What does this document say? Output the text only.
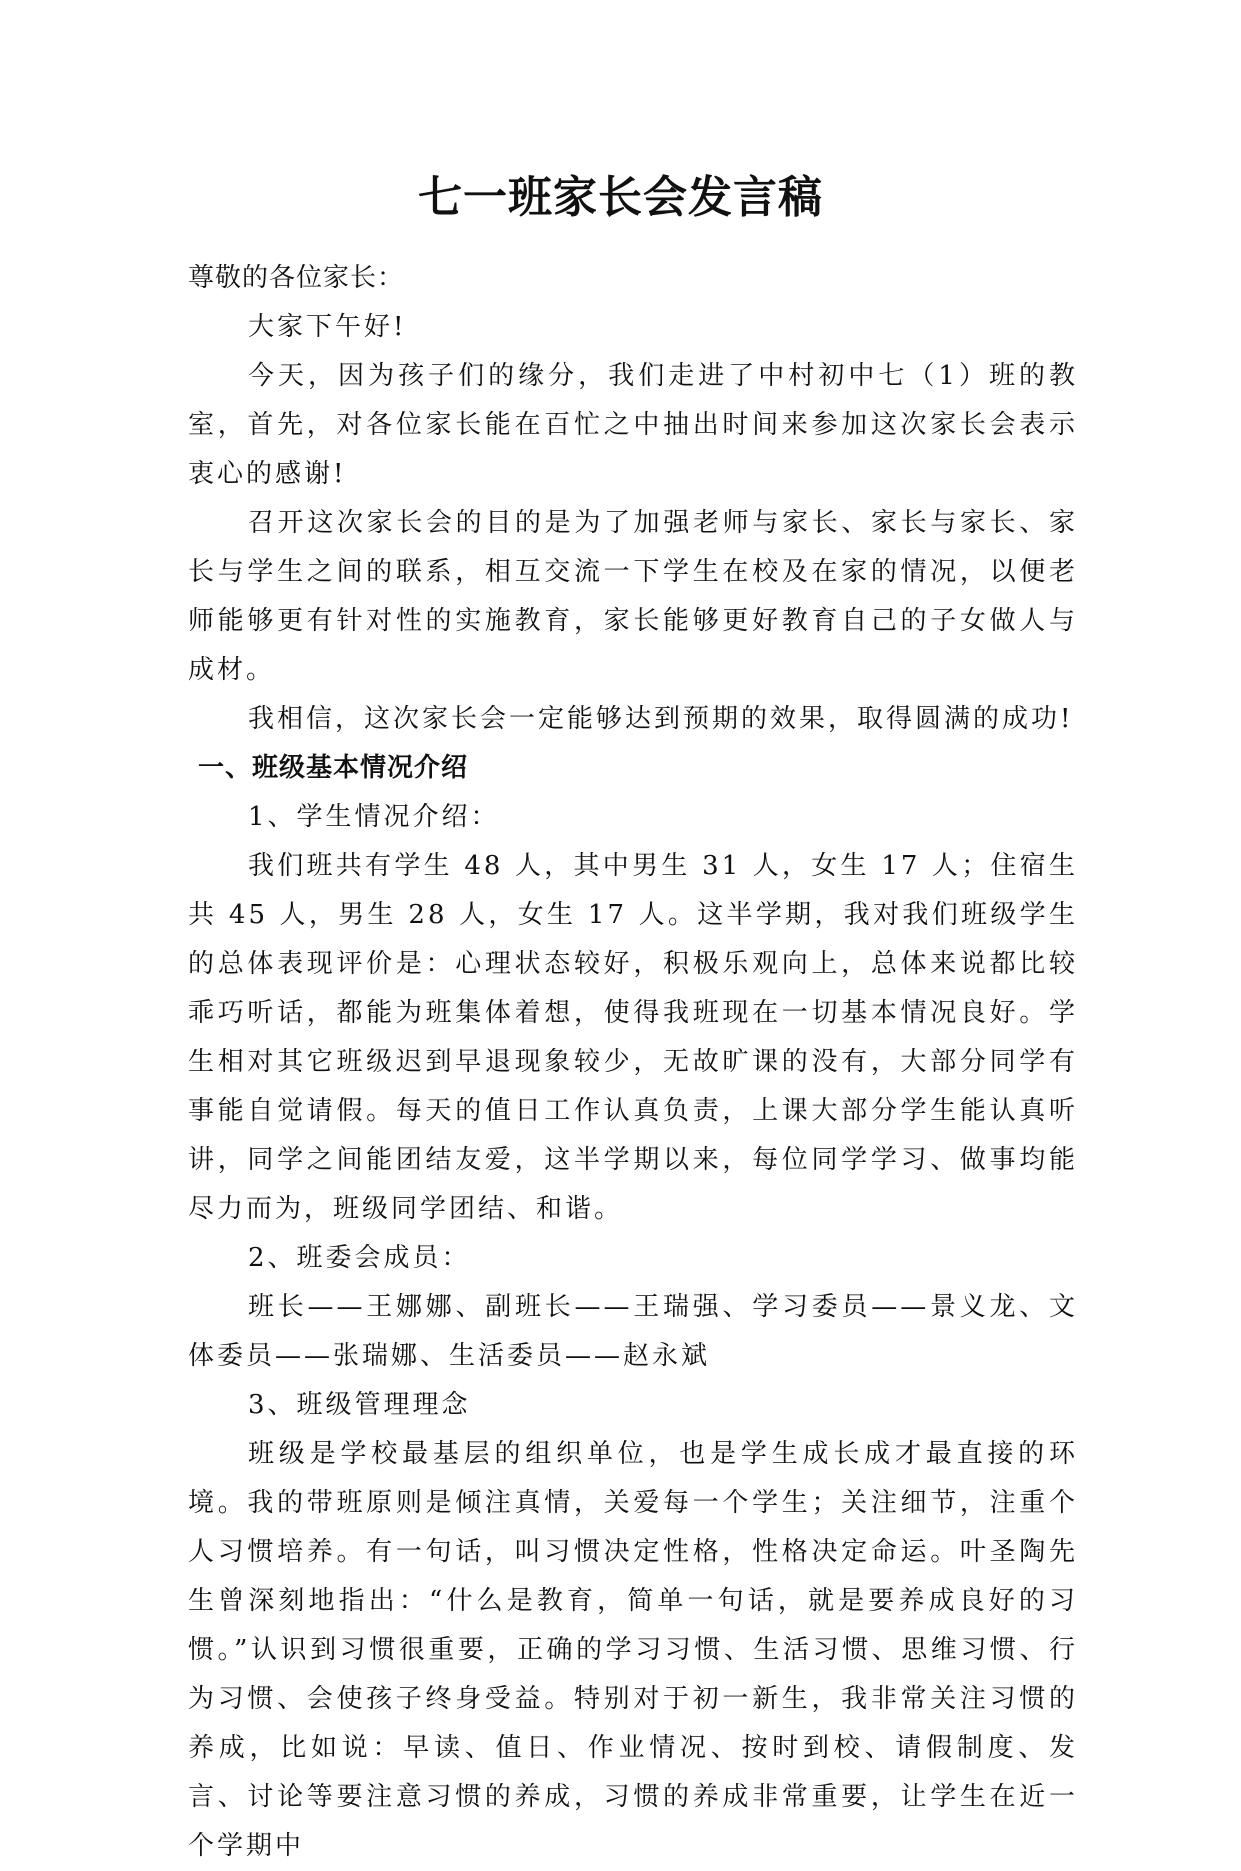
七一班家长会发言稿

尊敬的各位家长：

大家下午好!

今天，因为孩子们的缘分，我们走进了中村初中七（1）班的教室，首先，对各位家长能在百忙之中抽出时间来参加这次家长会表示衷心的感谢!

召开这次家长会的目的是为了加强老师与家长、家长与家长、家长与学生之间的联系，相互交流一下学生在校及在家的情况，以便老师能够更有针对性的实施教育，家长能够更好教育自己的子女做人与成材。

我相信，这次家长会一定能够达到预期的效果，取得圆满的成功!

一、班级基本情况介绍

1、学生情况介绍：

我们班共有学生 48 人，其中男生 31 人，女生 17 人；住宿生共 45 人，男生 28 人，女生 17 人。这半学期，我对我们班级学生的总体表现评价是：心理状态较好，积极乐观向上，总体来说都比较乖巧听话，都能为班集体着想，使得我班现在一切基本情况良好。学生相对其它班级迟到早退现象较少，无故旷课的没有，大部分同学有事能自觉请假。每天的值日工作认真负责，上课大部分学生能认真听讲，同学之间能团结友爱，这半学期以来，每位同学学习、做事均能尽力而为，班级同学团结、和谐。

2、班委会成员：

班长——王娜娜、副班长——王瑞强、学习委员——景义龙、文体委员——张瑞娜、生活委员——赵永斌

3、班级管理理念

班级是学校最基层的组织单位，也是学生成长成才最直接的环境。我的带班原则是倾注真情，关爱每一个学生；关注细节，注重个人习惯培养。有一句话，叫习惯决定性格，性格决定命运。叶圣陶先生曾深刻地指出：“什么是教育，简单一句话，就是要养成良好的习惯。”认识到习惯很重要，正确的学习习惯、生活习惯、思维习惯、行为习惯、会使孩子终身受益。特别对于初一新生，我非常关注习惯的养成，比如说：早读、值日、作业情况、按时到校、请假制度、发言、讨论等要注意习惯的养成，习惯的养成非常重要，让学生在近一个学期中
